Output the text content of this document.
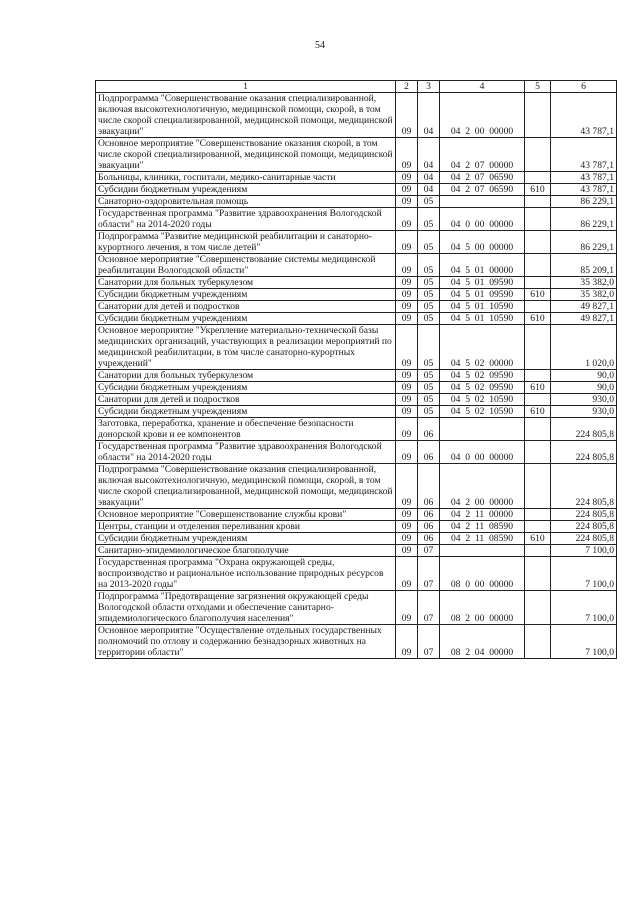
54
1	2	3	4	5	6
Подпрограмма "Совершенствование оказания специализированной, включая высокотехнологичную, медицинской помощи, скорой, в том числе скорой специализированной, медицинской помощи, медицинской эвакуации"	09	04	04  2  00  00000		43 787,1
Основное мероприятие "Совершенствование оказания скорой, в том числе скорой специализированной, медицинской помощи, медицинской эвакуации"	09	04	04  2  07  00000		43 787,1
Больницы, клиники, госпитали, медико-санитарные части	09	04	04  2  07  06590		43 787,1
Субсидии бюджетным учреждениям	09	04	04  2  07  06590	610	43 787,1
Санаторно-оздоровительная помощь	09	05			86 229,1
Государственная программа "Развитие здравоохранения Вологодской области" на 2014-2020 годы	09	05	04  0  00  00000		86 229,1
Подпрограмма "Развитие медицинской реабилитации и санаторно-курортного лечения, в том числе детей"	09	05	04  5  00  00000		86 229,1
Основное мероприятие "Совершенствование системы медицинской реабилитации Вологодской области"	09	05	04  5  01  00000		85 209,1
Санатории для больных туберкулезом	09	05	04  5  01  09590		35 382,0
Субсидии бюджетным учреждениям	09	05	04  5  01  09590	610	35 382,0
Санатории для детей и подростков	09	05	04  5  01  10590		49 827,1
Субсидии бюджетным учреждениям	09	05	04  5  01  10590	610	49 827,1
Основное мероприятие "Укрепление материально-технической базы медицинских организаций, участвующих в реализации мероприятий по медицинской реабилитации, в том числе санаторно-курортных учреждений"	09	05	04  5  02  00000		1 020,0
Санатории для больных туберкулезом	09	05	04  5  02  09590		90,0
Субсидии бюджетным учреждениям	09	05	04  5  02  09590	610	90,0
Санатории для детей и подростков	09	05	04  5  02  10590		930,0
Субсидии бюджетным учреждениям	09	05	04  5  02  10590	610	930,0
Заготовка, переработка, хранение и обеспечение безопасности донорской крови и ее компонентов	09	06			224 805,8
Государственная программа "Развитие здравоохранения Вологодской области" на 2014-2020 годы	09	06	04  0  00  00000		224 805,8
Подпрограмма "Совершенствование оказания специализированной, включая высокотехнологичную, медицинской помощи, скорой, в том числе скорой специализированной, медицинской помощи, медицинской эвакуации"	09	06	04  2  00  00000		224 805,8
Основное мероприятие "Совершенствование службы крови"	09	06	04  2  11  00000		224 805,8
Центры, станции и отделения переливания крови	09	06	04  2  11  08590		224 805,8
Субсидии бюджетным учреждениям	09	06	04  2  11  08590	610	224 805,8
Санитарно-эпидемиологическое благополучие	09	07			7 100,0
Государственная программа "Охрана окружающей среды, воспроизводство и рациональное использование природных ресурсов на 2013-2020 годы"	09	07	08  0  00  00000		7 100,0
Подпрограмма "Предотвращение загрязнения окружающей среды Вологодской области отходами и обеспечение санитарно-эпидемиологического благополучия населения"	09	07	08  2  00  00000		7 100,0
Основное мероприятие "Осуществление отдельных государственных полномочий по отлову и содержанию безнадзорных животных на территории области"	09	07	08  2  04  00000		7 100,0
